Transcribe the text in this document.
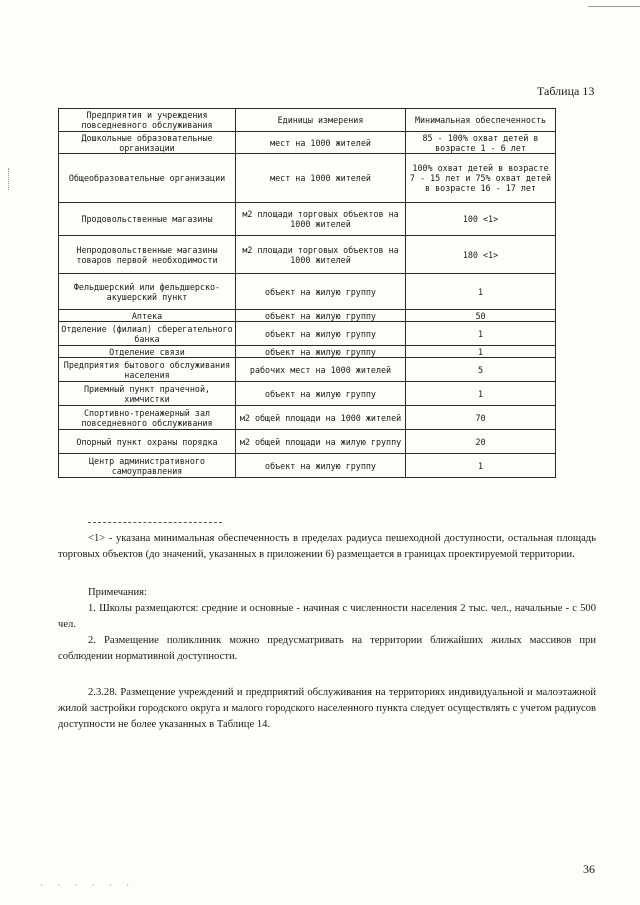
Таблица 13
Предприятия и учреждения повседневного обслуживания	Единицы измерения	Минимальная обеспеченность
Дошкольные образовательные организации	мест на 1000 жителей	85 - 100% охват детей в возрасте 1 - 6 лет
Общеобразовательные организации	мест на 1000 жителей	100% охват детей в возрасте 7 - 15 лет и 75% охват детей в возрасте 16 - 17 лет
Продовольственные магазины	м2 площади торговых объектов на 1000 жителей	100 <1>
Непродовольственные магазины товаров первой необходимости	м2 площади торговых объектов на 1000 жителей	180 <1>
Фельдшерский или фельдшерско-акушерский пункт	объект на жилую группу	1
Аптека	объект на жилую группу	50
Отделение (филиал) сберегательного банка	объект на жилую группу	1
Отделение связи	объект на жилую группу	1
Предприятия бытового обслуживания населения	рабочих мест на 1000 жителей	5
Приемный пункт прачечной, химчистки	объект на жилую группу	1
Спортивно-тренажерный зал повседневного обслуживания	м2 общей площади на 1000 жителей	70
Опорный пункт охраны порядка	м2 общей площади на жилую группу	20
Центр административного самоуправления	объект на жилую группу	1

<1> - указана минимальная обеспеченность в пределах радиуса пешеходной доступности, остальная площадь торговых объектов (до значений, указанных в приложении 6) размещается в границах проектируемой территории.

Примечания:

1. Школы размещаются: средние и основные - начиная с численности населения 2 тыс. чел., начальные - с 500 чел.

2. Размещение поликлиник можно предусматривать на территории ближайших жилых массивов при соблюдении нормативной доступности.

2.3.28. Размещение учреждений и предприятий обслуживания на территориях индивидуальной и малоэтажной жилой застройки городского округа и малого городского населенного пункта следует осуществлять с учетом радиусов доступности не более указанных в Таблице 14.

36
· · · · · ·
